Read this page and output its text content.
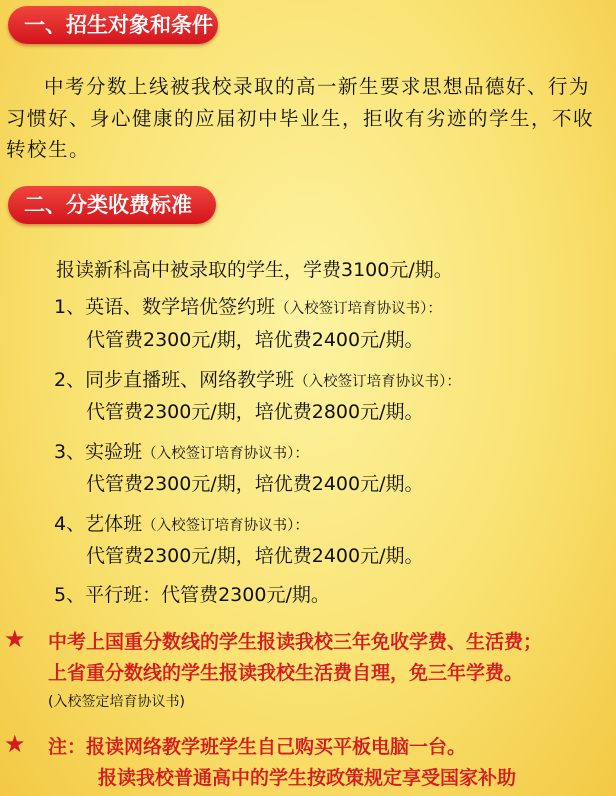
一、招生对象和条件
中考分数上线被我校录取的高一新生要求思想品德好、行为习惯好、身心健康的应届初中毕业生，拒收有劣迹的学生，不收转校生。
二、分类收费标准
报读新科高中被录取的学生，学费3100元/期。
1、英语、数学培优签约班（入校签订培育协议书）：
代管费2300元/期，培优费2400元/期。
2、同步直播班、网络教学班（入校签订培育协议书）：
代管费2300元/期，培优费2800元/期。
3、实验班（入校签订培育协议书）：
代管费2300元/期，培优费2400元/期。
4、艺体班（入校签订培育协议书）：
代管费2300元/期，培优费2400元/期。
5、平行班：代管费2300元/期。
★ 中考上国重分数线的学生报读我校三年免收学费、生活费；
上省重分数线的学生报读我校生活费自理，免三年学费。
(入校签定培育协议书)
★ 注：报读网络教学班学生自己购买平板电脑一台。
报读我校普通高中的学生按政策规定享受国家补助
